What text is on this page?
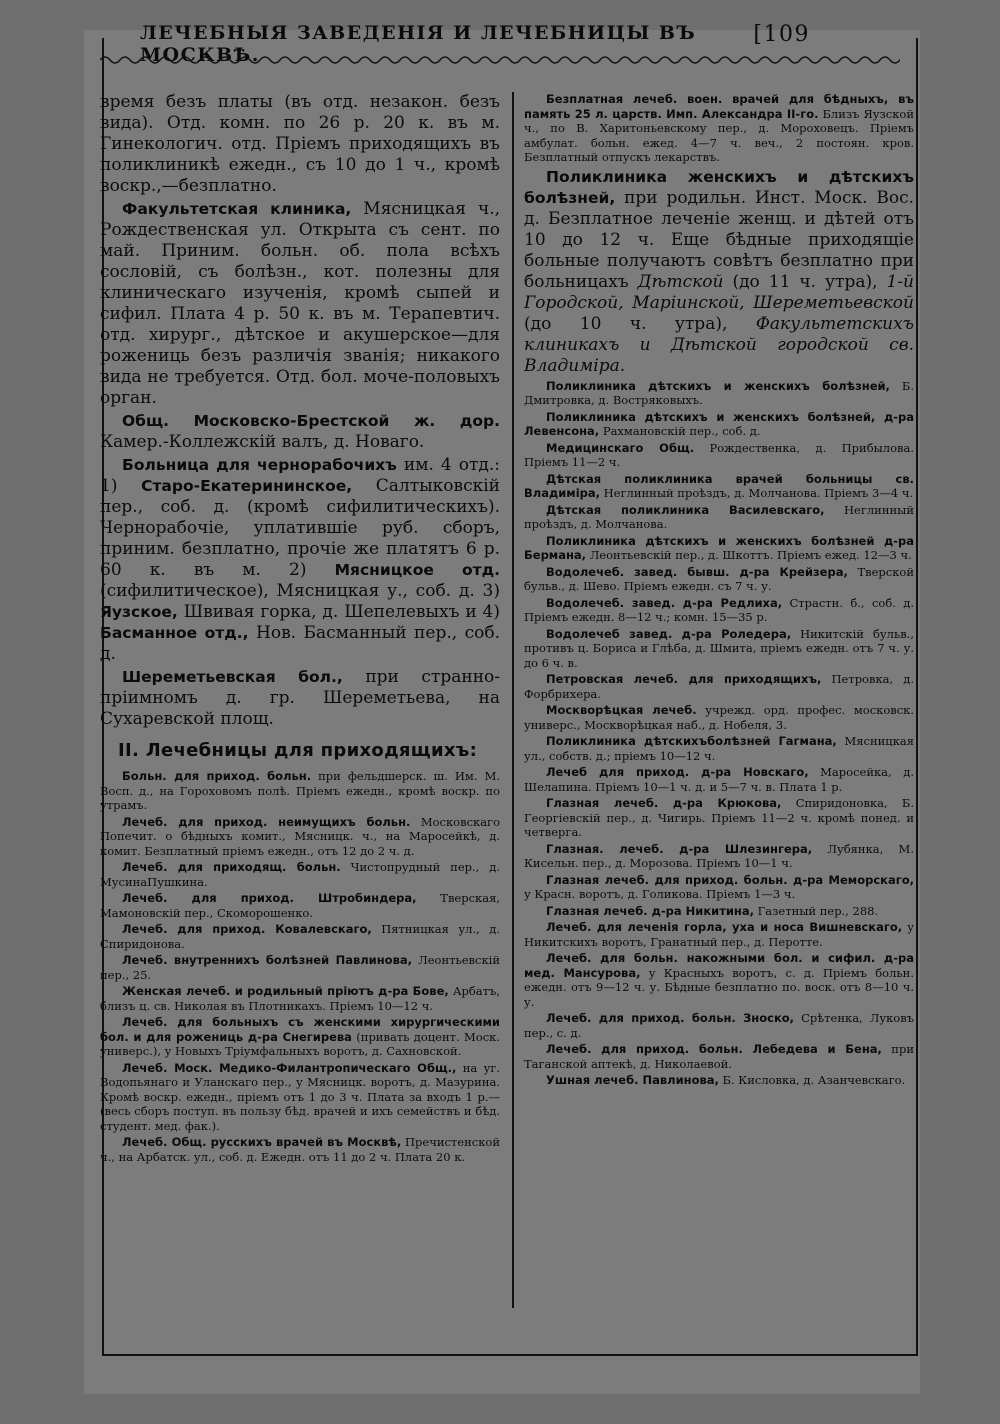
ЛЕЧЕБНЫЯ ЗАВЕДЕНІЯ И ЛЕЧЕБНИЦЫ ВЪ МОСКВѢ.
[109

время безъ платы (въ отд. незакон. безъ вида). Отд. комн. по 26 р. 20 к. въ м. Гинекологич. отд. Пріемъ приходящихъ въ поликлиникѣ ежедн., съ 10 до 1 ч., кромѣ воскр.,—безплатно.

Факультетская клиника, Мясницкая ч., Рождественская ул. Открыта съ сент. по май. Приним. больн. об. пола всѣхъ сословій, съ болѣзн., кот. полезны для клиническаго изученія, кромѣ сыпей и сифил. Плата 4 р. 50 к. въ м. Терапевтич. отд. хирург., дѣтское и акушерское—для рожениць безъ различія званія; никакого вида не требуется. Отд. бол. моче-половыхъ орган.

Общ. Московско-Брестской ж. дор. Камер.-Коллежскій валъ, д. Новаго.

Больница для чернорабочихъ им. 4 отд.: 1) Старо-Екатерининское, Салтыковскій пер., соб. д. (кромѣ сифилитическихъ). Чернорабочіе, уплатившіе руб. сборъ, приним. безплатно, прочіе же платятъ 6 р. 60 к. въ м. 2) Мясницкое отд. (сифилитическое), Мясницкая у., соб. д. 3) Яузское, Швивая горка, д. Шепелевыхъ и 4) Басманное отд., Нов. Басманный пер., соб. д.

Шереметьевская бол., при странно-пріимномъ д. гр. Шереметьева, на Сухаревской площ.

II. Лечебницы для приходящихъ:

Больн. для приход. больн. при фельдшерск. ш. Им. М. Восп. д., на Гороховомъ полѣ. Пріемъ ежедн., кромѣ воскр. по утрамъ.

Лечеб. для приход. неимущихъ больн. Московскаго Попечит. о бѣдныхъ комит., Мясницк. ч., на Маросейкѣ, д. комит. Безплатный пріемъ ежедн., отъ 12 до 2 ч. д.

Лечеб. для приходящ. больн. Чистопрудный пер., д. МусинаПушкина.

Лечеб. для приход. Штробиндера, Тверская, Мамоновскій пер., Скоморошенко.

Лечеб. для приход. Ковалевскаго, Пятницкая ул., д. Спиридонова.

Лечеб. внутреннихъ болѣзней Павлинова, Леонтьевскій пер., 25.

Женская лечеб. и родильный пріютъ д-ра Бове, Арбатъ, близъ ц. св. Николая въ Плотникахъ. Пріемъ 10—12 ч.

Лечеб. для больныхъ съ женскими хирургическими бол. и для рожениць д-ра Снегирева (привать доцент. Моск. универс.), у Новыхъ Тріумфальныхъ воротъ, д. Сахновской.

Лечеб. Моск. Медико-Филантропическаго Общ., на уг. Водопьянаго и Уланскаго пер., у Мясницк. воротъ, д. Мазурина. Кромѣ воскр. ежедн., пріемъ отъ 1 до 3 ч. Плата за входъ 1 р.—(весь сборъ поступ. въ пользу бѣд. врачей и ихъ семействъ и бѣд. студент. мед. фак.).

Лечеб. Общ. русскихъ врачей въ Москвѣ, Пречистенской ч., на Арбатск. ул., соб. д. Ежедн. отъ 11 до 2 ч. Плата 20 к.

Безплатная лечеб. воен. врачей для бѣдныхъ, въ память 25 л. царств. Имп. Александра II-го. Близъ Яузской ч., по В. Харитоньевскому пер., д. Мороховецъ. Пріемъ амбулат. больн. ежед. 4—7 ч. веч., 2 постоян. кров. Безплатный отпускъ лекарствъ.

Поликлиника женскихъ и дѣтскихъ болѣзней, при родильн. Инст. Моск. Вос. д. Безплатное леченіе женщ. и дѣтей отъ 10 до 12 ч. Еще бѣдные приходящіе больные получаютъ совѣтъ безплатно при больницахъ Дѣтской (до 11 ч. утра), 1-й Городской, Маріинской, Шереметьевской (до 10 ч. утра), Факультетскихъ клиникахъ и Дѣтской городской св. Владиміра.

Поликлиника дѣтскихъ и женскихъ болѣзней, Б. Дмитровка, д. Востряковыхъ.

Поликлиника дѣтскихъ и женскихъ болѣзней, д-ра Левенсона, Рахмановскій пер., соб. д.

Медицинскаго Общ. Рождественка, д. Прибылова. Пріемъ 11—2 ч.

Дѣтская поликлиника врачей больницы св. Владиміра, Неглинный проѣздъ, д. Молчанова. Пріемъ 3—4 ч.

Дѣтская поликлиника Василевскаго, Неглинный проѣздъ, д. Молчанова.

Поликлиника дѣтскихъ и женскихъ болѣзней д-ра Бермана, Леонтьевскій пер., д. Шкоттъ. Пріемъ ежед. 12—3 ч.

Водолечеб. завед. бывш. д-ра Крейзера, Тверской бульв., д. Шево. Пріемъ ежедн. съ 7 ч. у.

Водолечеб. завед. д-ра Редлиха, Страстн. б., соб. д. Пріемъ ежедн. 8—12 ч.; комн. 15—35 р.

Водолечеб завед. д-ра Роледера, Никитскій бульв., противъ ц. Бориса и Глѣба, д. Шмита, пріемъ ежедн. отъ 7 ч. у. до 6 ч. в.

Петровская лечеб. для приходящихъ, Петровка, д. Форбрихера.

Москворѣцкая лечеб. учрежд. орд. профес. московск. универс., Москворѣцкая наб., д. Нобеля, 3.

Поликлиника дѣтскихъболѣзней Гагмана, Мясницкая ул., собств. д.; пріемъ 10—12 ч.

Лечеб для приход. д-ра Новскаго, Маросейка, д. Шелапина. Пріемъ 10—1 ч. д. и 5—7 ч. в. Плата 1 р.

Глазная лечеб. д-ра Крюкова, Спиридоновка, Б. Георгіевскій пер., д. Чигирь. Пріемъ 11—2 ч. кромѣ понед. и четверга.

Глазная. лечеб. д-ра Шлезингера, Лубянка, М. Кисельн. пер., д. Морозова. Пріемъ 10—1 ч.

Глазная лечеб. для приход. больн. д-ра Меморскаго, у Красн. воротъ, д. Голикова. Пріемъ 1—3 ч.

Глазная лечеб. д-ра Никитина, Газетный пер., 288.

Лечеб. для леченія горла, уха и носа Вишневскаго, у Никитскихъ воротъ, Гранатный пер., д. Перотте.

Лечеб. для больн. накожными бол. и сифил. д-ра мед. Мансурова, у Красныхъ воротъ, с. д. Пріемъ больн. ежедн. отъ 9—12 ч. у. Бѣдные безплатно по. воск. отъ 8—10 ч. у.

Лечеб. для приход. больн. Зноско, Срѣтенка, Луковъ пер., с. д.

Лечеб. для приход. больн. Лебедева и Бена, при Таганской аптекѣ, д. Николаевой.

Ушная лечеб. Павлинова, Б. Кисловка, д. Азанчевскаго.
